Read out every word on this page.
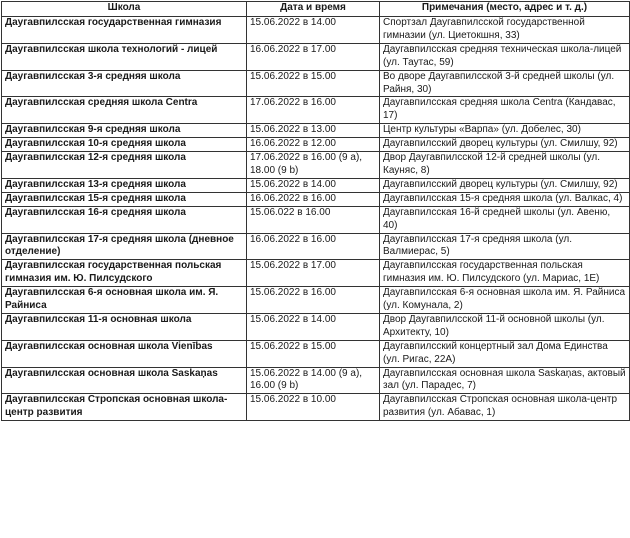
Школа	Дата и время	Примечания (место, адрес и т. д.)
Даугавпилсская государственная гимназия	15.06.2022 в 14.00	Спортзал Даугавпилсской государственной гимназии (ул. Циетокшня, 33)
Даугавпилсская школа технологий - лицей	16.06.2022 в 17.00	Даугавпилсская средняя техническая школа-лицей (ул. Таутас, 59)
Даугавпилсская 3-я средняя школа	15.06.2022 в 15.00	Во дворе Даугавпилсской 3-й средней школы (ул. Райня, 30)
Даугавпилсская средняя школа Centra	17.06.2022 в 16.00	Даугавпилсская средняя школа Centra (Кандавас, 17)
Даугавпилсская 9-я средняя школа	15.06.2022 в 13.00	Центр культуры «Варпа» (ул. Добелес, 30)
Даугавпилсская 10-я средняя школа	16.06.2022 в 12.00	Даугавпилсский дворец культуры (ул. Смилшу, 92)
Даугавпилсская 12-я средняя школа	17.06.2022 в 16.00 (9 а), 18.00 (9 b)	Двор Даугавпилсской 12-й средней школы (ул. Кауняс, 8)
Даугавпилсская 13-я средняя школа	15.06.2022 в 14.00	Даугавпилсский дворец культуры (ул. Смилшу, 92)
Даугавпилсская 15-я средняя школа	16.06.2022 в 16.00	Даугавпилсская 15-я средняя школа (ул. Валкас, 4)
Даугавпилсская 16-я средняя школа	15.06.022 в 16.00	Даугавпилсская 16-й средней школы (ул. Авеню, 40)
Даугавпилсская 17-я средняя школа (дневное отделение)	16.06.2022 в 16.00	Даугавпилсская 17-я средняя школа (ул. Валмиерас, 5)
Даугавпилсская государственная польская гимназия им. Ю. Пилсудского	15.06.2022 в 17.00	Даугавпилсская государственная польская гимназия им. Ю. Пилсудского (ул. Мариас, 1E)
Даугавпилсская 6-я основная школа им. Я. Райниса	15.06.2022 в 16.00	Даугавпилсская 6-я основная школа им. Я. Райниса (ул. Комунала, 2)
Даугавпилсская 11-я основная школа	15.06.2022 в 14.00	Двор Даугавпилсской 11-й основной школы (ул. Архитекту, 10)
Даугавпилсская основная школа Vienības	15.06.2022 в 15.00	Даугавпилсский концертный зал Дома Единства (ул. Ригас, 22A)
Даугавпилсская основная школа Saskaņas	15.06.2022 в 14.00 (9 а), 16.00 (9 b)	Даугавпилсская основная школа Saskaņas, актовый зал (ул. Парадес, 7)
Даугавпилсская Стропская основная школа-центр развития	15.06.2022 в 10.00	Даугавпилсская Стропская основная школа-центр развития (ул. Абавас, 1)
